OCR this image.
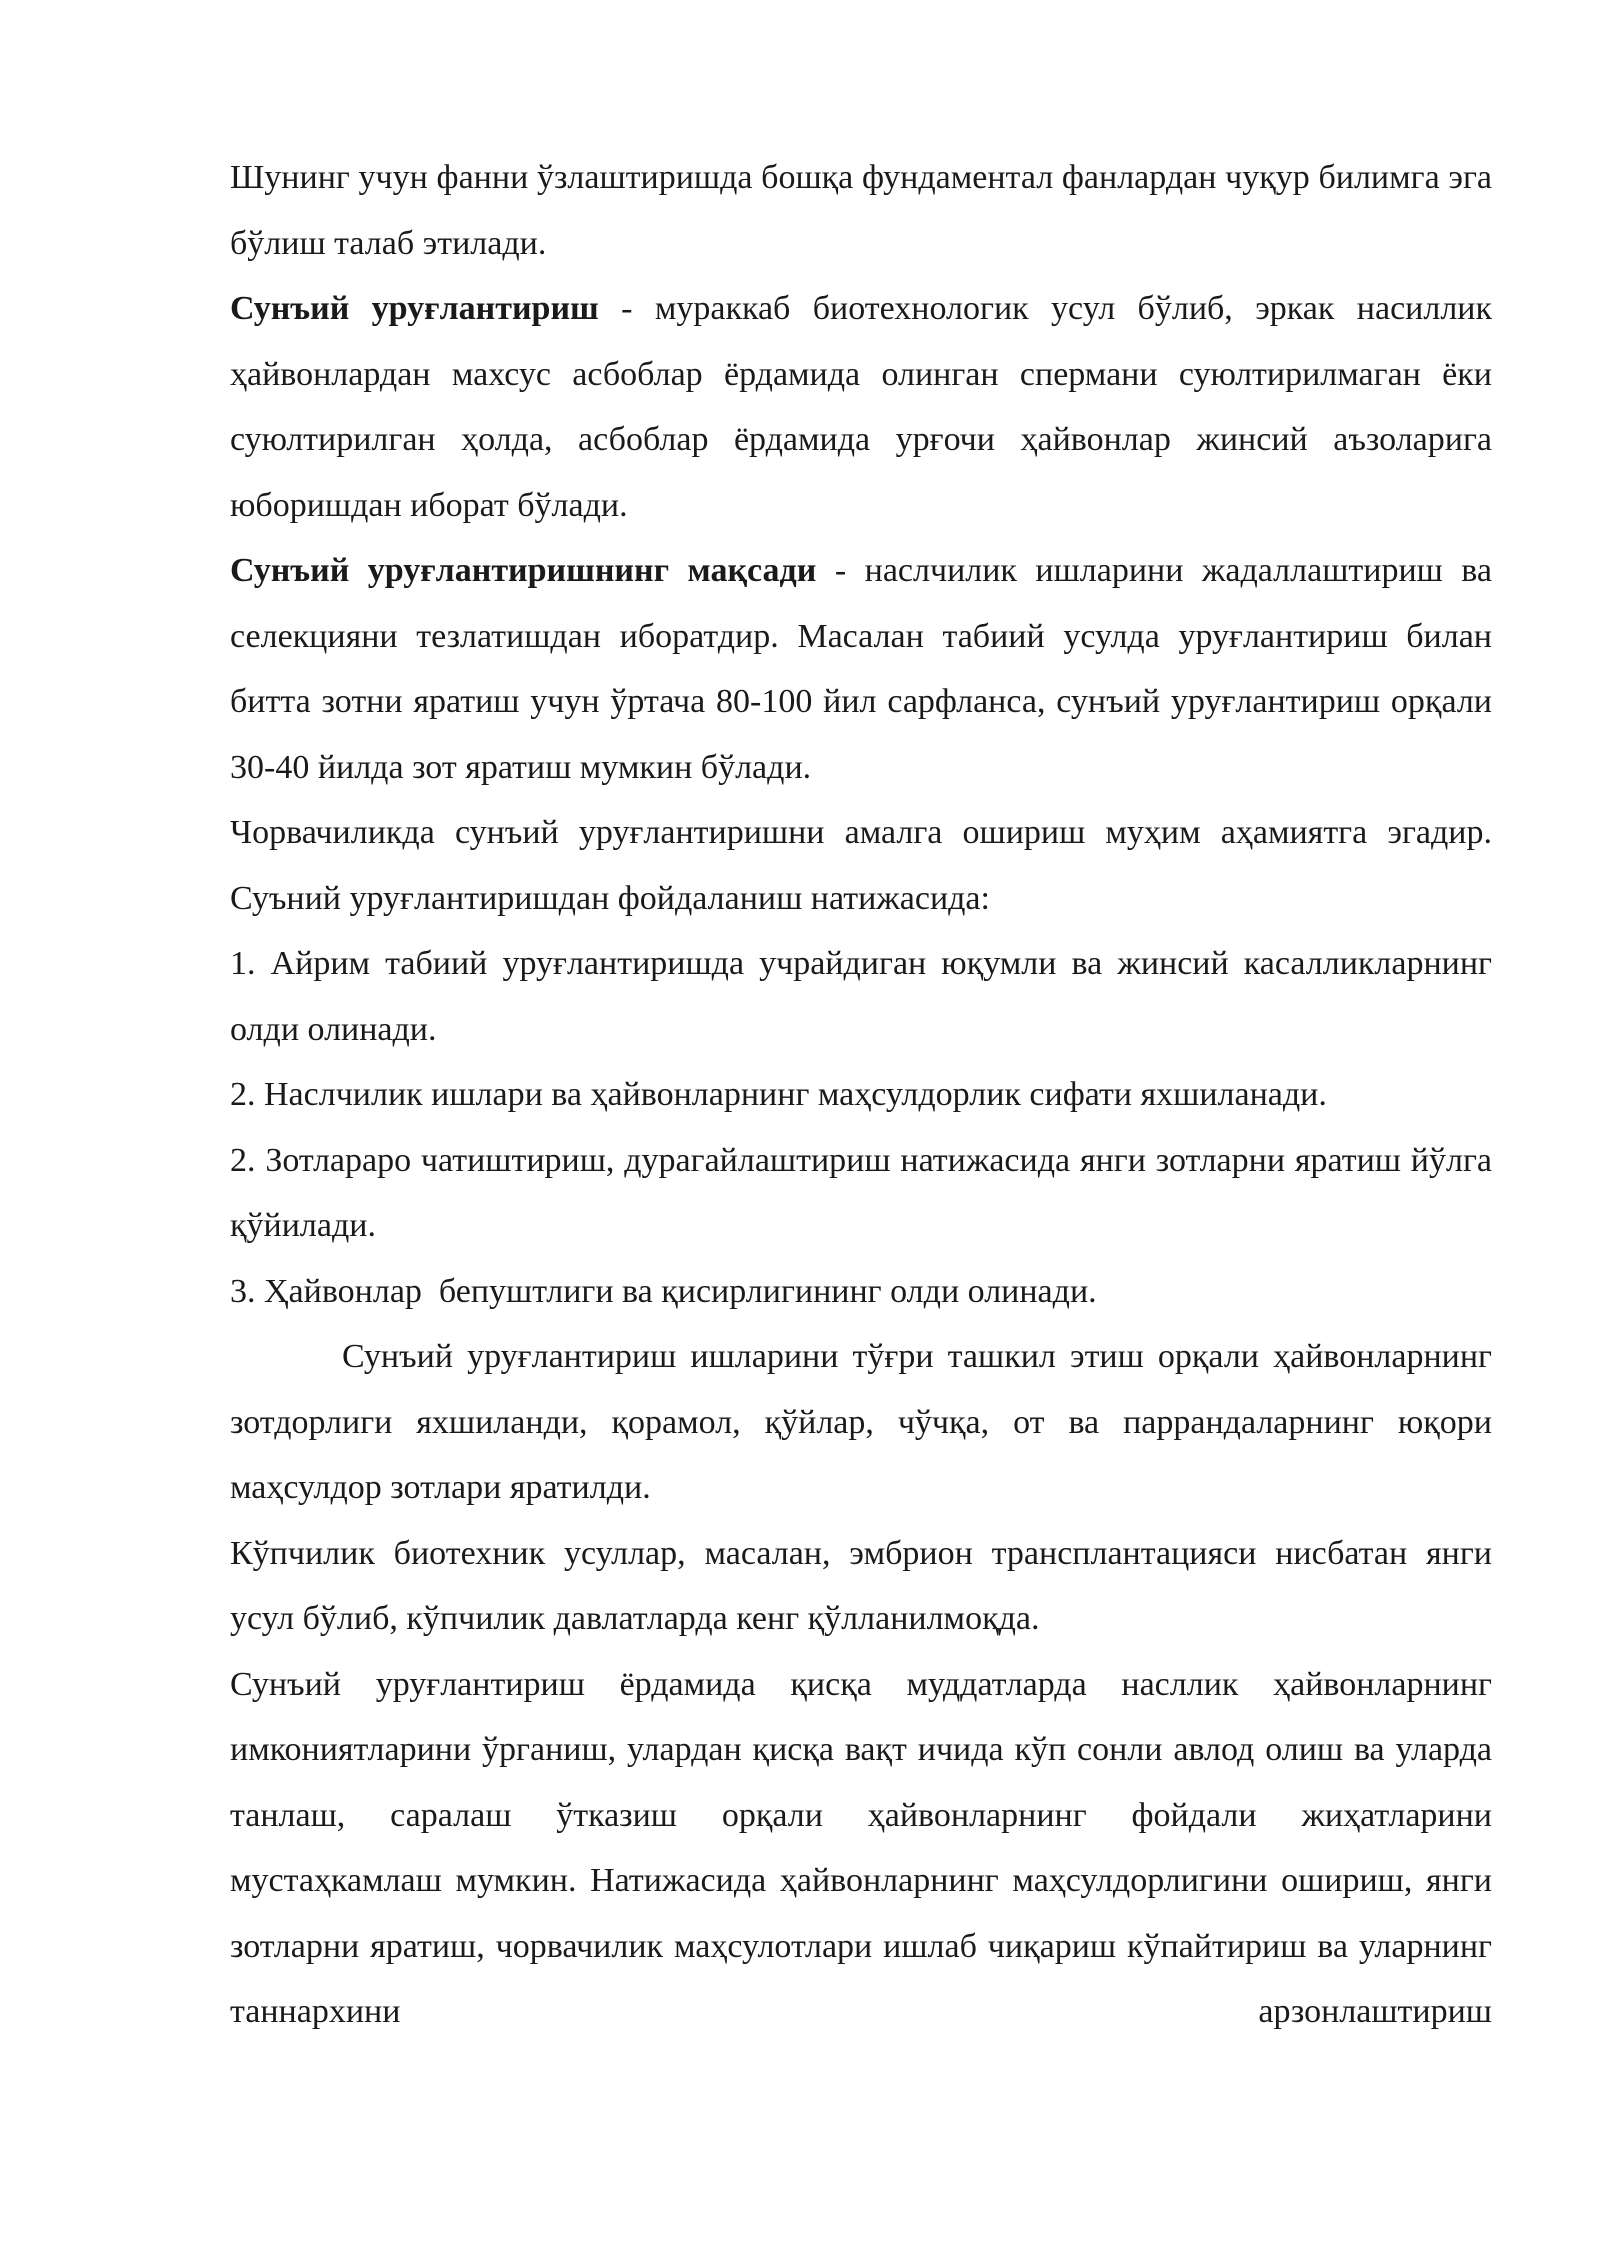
Шунинг учун фанни ўзлаштиришда бошқа фундаментал фанлардан чуқур билимга эга бўлиш талаб этилади.

Сунъий уруғлантириш - мураккаб биотехнологик усул бўлиб, эркак насиллик ҳайвонлардан махсус асбоблар ёрдамида олинган спермани суюлтирилмаган ёки суюлтирилган ҳолда, асбоблар ёрдамида урғочи ҳайвонлар жинсий аъзоларига юборишдан иборат бўлади.

Сунъий уруғлантиришнинг мақсади - наслчилик ишларини жадаллаштириш ва селекцияни тезлатишдан иборатдир. Масалан табиий усулда уруғлантириш билан битта зотни яратиш учун ўртача 80-100 йил сарфланса, сунъий уруғлантириш орқали 30-40 йилда зот яратиш мумкин бўлади.

Чорвачиликда сунъий уруғлантиришни амалга ошириш муҳим аҳамиятга эгадир. Суъний уруғлантиришдан фойдаланиш натижасида:

1. Айрим табиий уруғлантиришда учрайдиган юқумли ва жинсий касалликларнинг олди олинади.

2. Наслчилик ишлари ва ҳайвонларнинг маҳсулдорлик сифати яхшиланади.

2. Зотлараро чатиштириш, дурагайлаштириш натижасида янги зотларни яратиш йўлга қўйилади.

3. Ҳайвонлар  бепуштлиги ва қисирлигининг олди олинади.

Сунъий уруғлантириш ишларини тўғри ташкил этиш орқали ҳайвонларнинг зотдорлиги яхшиланди, қорамол, қўйлар, чўчқа, от ва паррандаларнинг юқори маҳсулдор зотлари яратилди.

Кўпчилик биотехник усуллар, масалан, эмбрион трансплантацияси нисбатан янги усул бўлиб, кўпчилик давлатларда кенг қўлланилмоқда.

Сунъий уруғлантириш ёрдамида қисқа муддатларда насллик ҳайвонларнинг имкониятларини ўрганиш, улардан қисқа вақт ичида кўп сонли авлод олиш ва уларда танлаш, саралаш ўтказиш орқали ҳайвонларнинг фойдали жиҳатларини мустаҳкамлаш мумкин. Натижасида ҳайвонларнинг маҳсулдорлигини ошириш, янги зотларни яратиш, чорвачилик маҳсулотлари ишлаб чиқариш кўпайтириш ва уларнинг таннархини арзонлаштириш
